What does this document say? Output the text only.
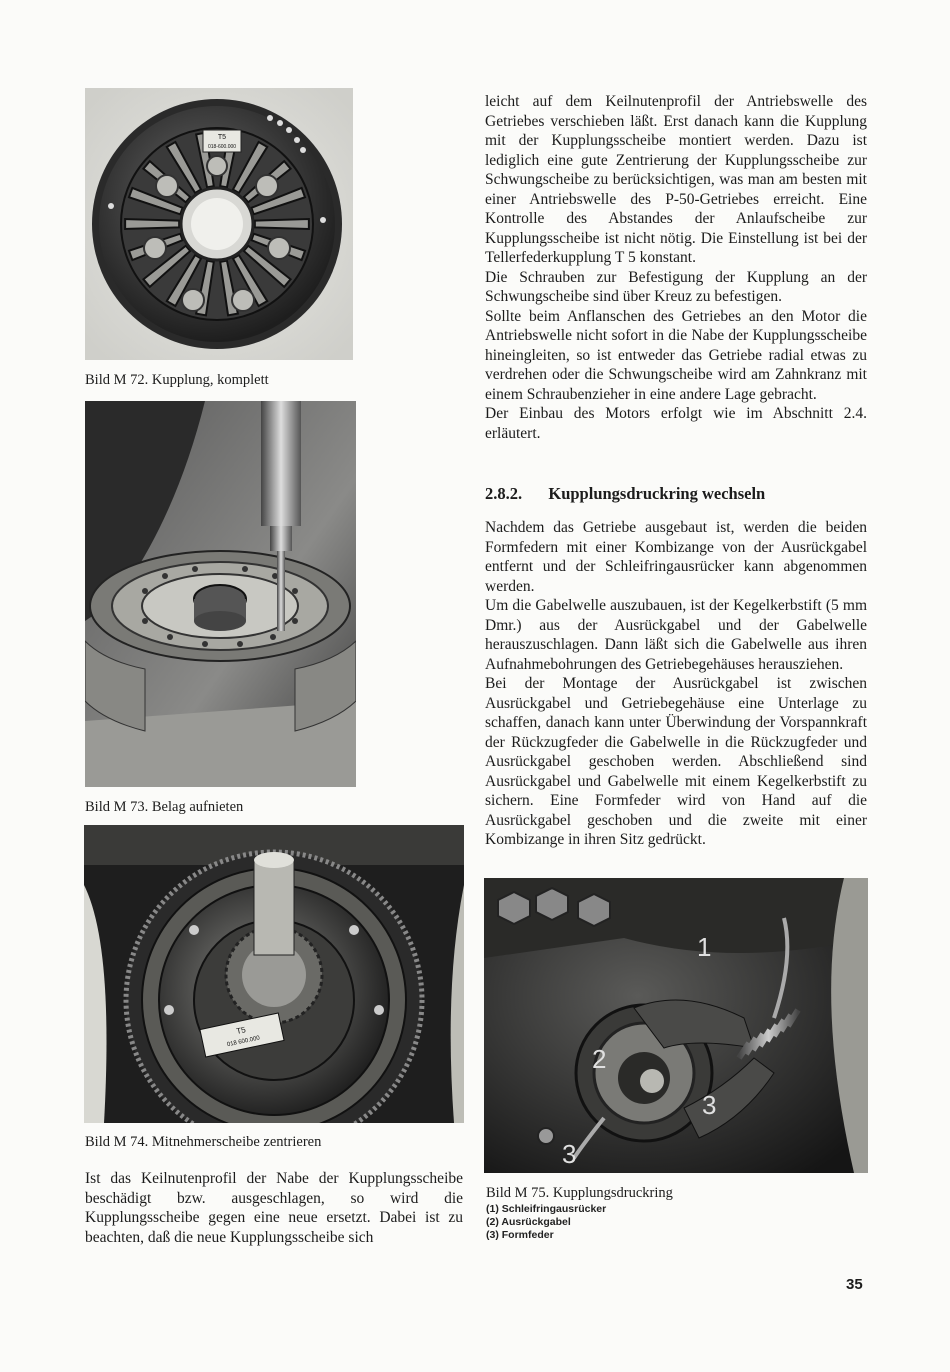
T5
018-600.000
Bild M 72. Kupplung, komplett
Bild M 73. Belag aufnieten
T5
018 600.000
Bild M 74. Mitnehmerscheibe zentrieren

Ist das Keilnutenprofil der Nabe der Kupplungsscheibe beschädigt bzw. ausgeschlagen, so wird die Kupplungsscheibe gegen eine neue ersetzt. Dabei ist zu beachten, daß die neue Kupplungsscheibe sich

leicht auf dem Keilnutenprofil der Antriebswelle des Getriebes verschieben läßt. Erst danach kann die Kupplung mit der Kupplungsscheibe montiert werden. Dazu ist lediglich eine gute Zentrierung der Kupplungsscheibe zur Schwungscheibe zu berücksichtigen, was man am besten mit einer Antriebswelle des P-50-Getriebes erreicht. Eine Kontrolle des Abstandes der Anlaufscheibe zur Kupplungsscheibe ist nicht nötig. Die Einstellung ist bei der Tellerfederkupplung T 5 konstant.

Die Schrauben zur Befestigung der Kupplung an der Schwungscheibe sind über Kreuz zu befestigen.

Sollte beim Anflanschen des Getriebes an den Motor die Antriebswelle nicht sofort in die Nabe der Kupplungsscheibe hineingleiten, so ist entweder das Getriebe radial etwas zu verdrehen oder die Schwungscheibe wird am Zahnkranz mit einem Schraubenzieher in eine andere Lage gebracht.

Der Einbau des Motors erfolgt wie im Abschnitt 2.4. erläutert.

2.8.2. Kupplungsdruckring wechseln

Nachdem das Getriebe ausgebaut ist, werden die beiden Formfedern mit einer Kombizange von der Ausrückgabel entfernt und der Schleifringausrücker kann abgenommen werden.

Um die Gabelwelle auszubauen, ist der Kegelkerbstift (5 mm Dmr.) aus der Ausrückgabel und der Gabelwelle herauszuschlagen. Dann läßt sich die Gabelwelle aus ihren Aufnahmebohrungen des Getriebegehäuses herausziehen.

Bei der Montage der Ausrückgabel ist zwischen Ausrückgabel und Getriebegehäuse eine Unterlage zu schaffen, danach kann unter Überwindung der Vorspannkraft der Rückzugfeder die Gabelwelle in die Rückzugfeder und Ausrückgabel geschoben werden. Abschließend sind Ausrückgabel und Gabelwelle mit einem Kegelkerbstift zu sichern. Eine Formfeder wird von Hand auf die Ausrückgabel geschoben und die zweite mit einer Kombizange in ihren Sitz gedrückt.

1
2
3
3
Bild M 75. Kupplungsdruckring
(1) Schleifringausrücker
(2) Ausrückgabel
(3) Formfeder
35
